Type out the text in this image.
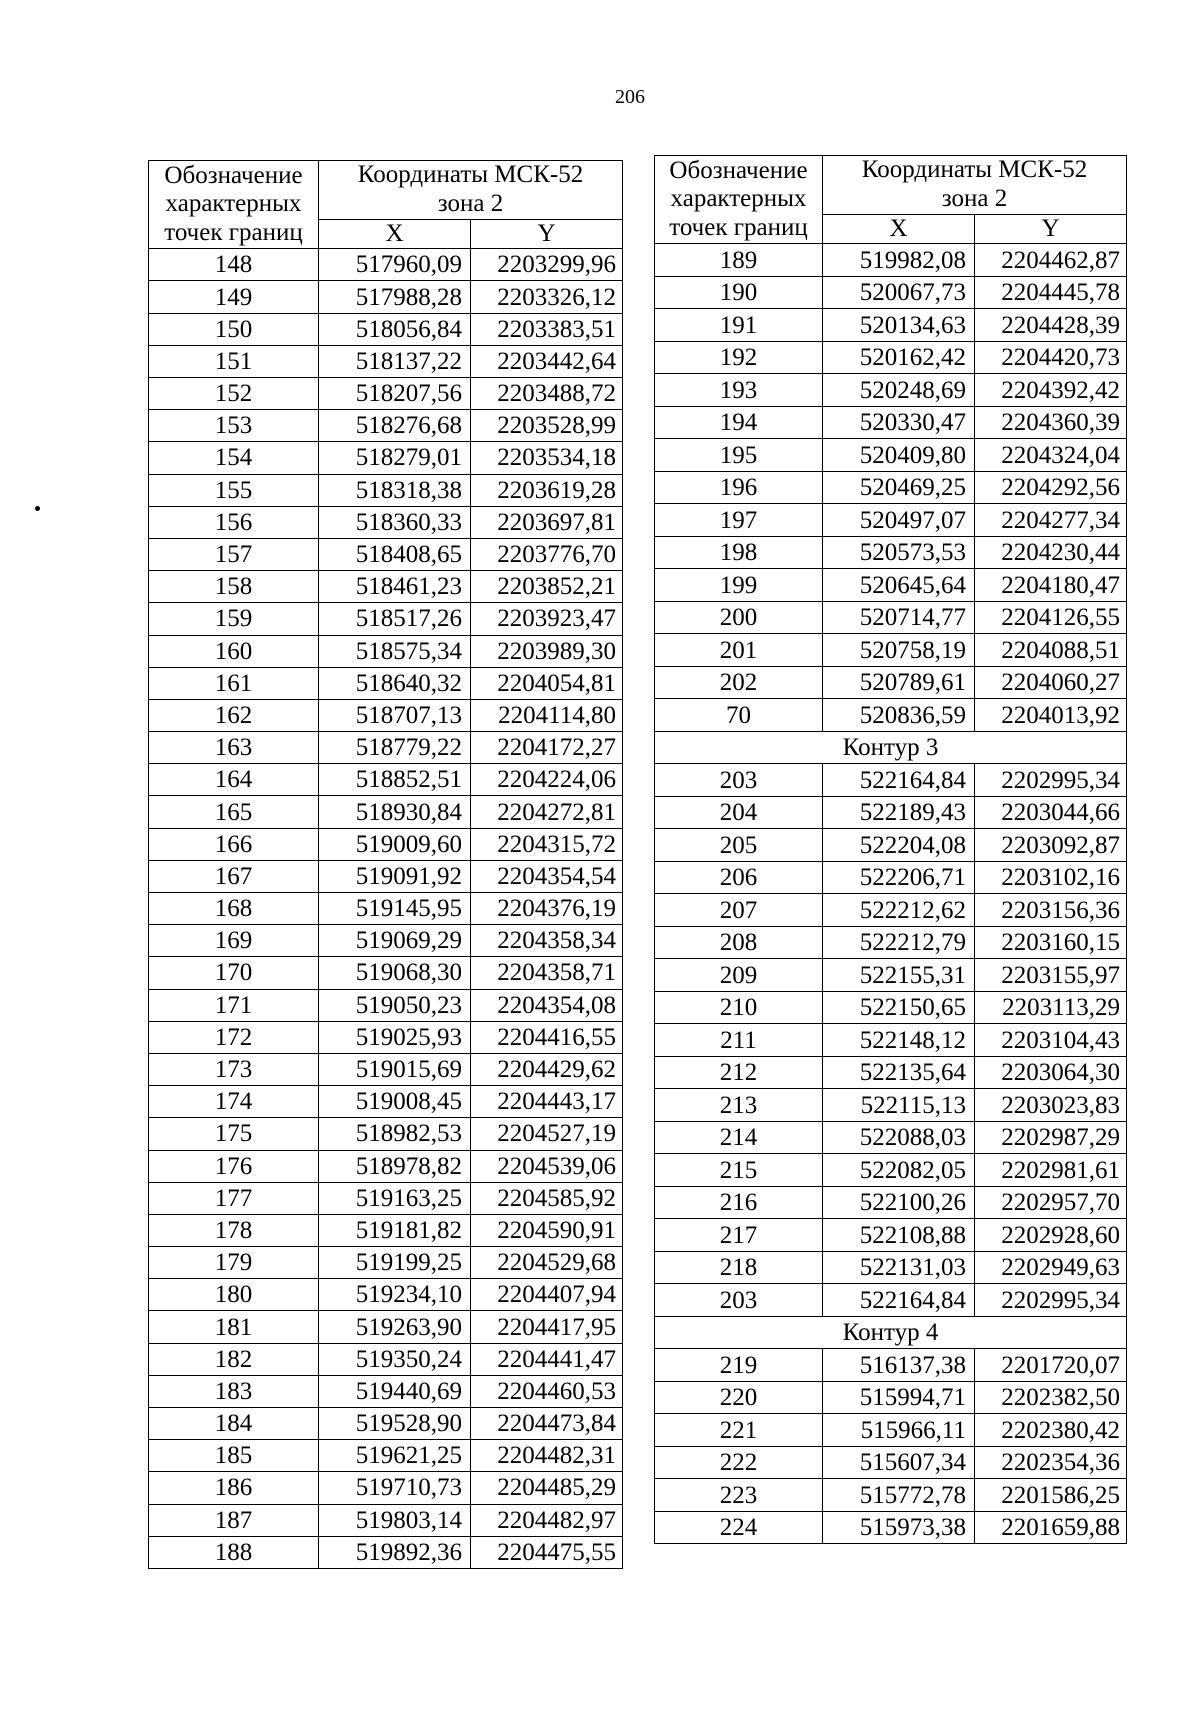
206
Обозначение
характерных
точек границ	Координаты МСК-52
зона 2	
	X	Y
148	517960,09	2203299,96
149	517988,28	2203326,12
150	518056,84	2203383,51
151	518137,22	2203442,64
152	518207,56	2203488,72
153	518276,68	2203528,99
154	518279,01	2203534,18
155	518318,38	2203619,28
156	518360,33	2203697,81
157	518408,65	2203776,70
158	518461,23	2203852,21
159	518517,26	2203923,47
160	518575,34	2203989,30
161	518640,32	2204054,81
162	518707,13	2204114,80
163	518779,22	2204172,27
164	518852,51	2204224,06
165	518930,84	2204272,81
166	519009,60	2204315,72
167	519091,92	2204354,54
168	519145,95	2204376,19
169	519069,29	2204358,34
170	519068,30	2204358,71
171	519050,23	2204354,08
172	519025,93	2204416,55
173	519015,69	2204429,62
174	519008,45	2204443,17
175	518982,53	2204527,19
176	518978,82	2204539,06
177	519163,25	2204585,92
178	519181,82	2204590,91
179	519199,25	2204529,68
180	519234,10	2204407,94
181	519263,90	2204417,95
182	519350,24	2204441,47
183	519440,69	2204460,53
184	519528,90	2204473,84
185	519621,25	2204482,31
186	519710,73	2204485,29
187	519803,14	2204482,97
188	519892,36	2204475,55
Обозначение
характерных
точек границ	Координаты МСК-52
зона 2	
	X	Y
189	519982,08	2204462,87
190	520067,73	2204445,78
191	520134,63	2204428,39
192	520162,42	2204420,73
193	520248,69	2204392,42
194	520330,47	2204360,39
195	520409,80	2204324,04
196	520469,25	2204292,56
197	520497,07	2204277,34
198	520573,53	2204230,44
199	520645,64	2204180,47
200	520714,77	2204126,55
201	520758,19	2204088,51
202	520789,61	2204060,27
70	520836,59	2204013,92
Контур 3		
203	522164,84	2202995,34
204	522189,43	2203044,66
205	522204,08	2203092,87
206	522206,71	2203102,16
207	522212,62	2203156,36
208	522212,79	2203160,15
209	522155,31	2203155,97
210	522150,65	2203113,29
211	522148,12	2203104,43
212	522135,64	2203064,30
213	522115,13	2203023,83
214	522088,03	2202987,29
215	522082,05	2202981,61
216	522100,26	2202957,70
217	522108,88	2202928,60
218	522131,03	2202949,63
203	522164,84	2202995,34
Контур 4		
219	516137,38	2201720,07
220	515994,71	2202382,50
221	515966,11	2202380,42
222	515607,34	2202354,36
223	515772,78	2201586,25
224	515973,38	2201659,88
